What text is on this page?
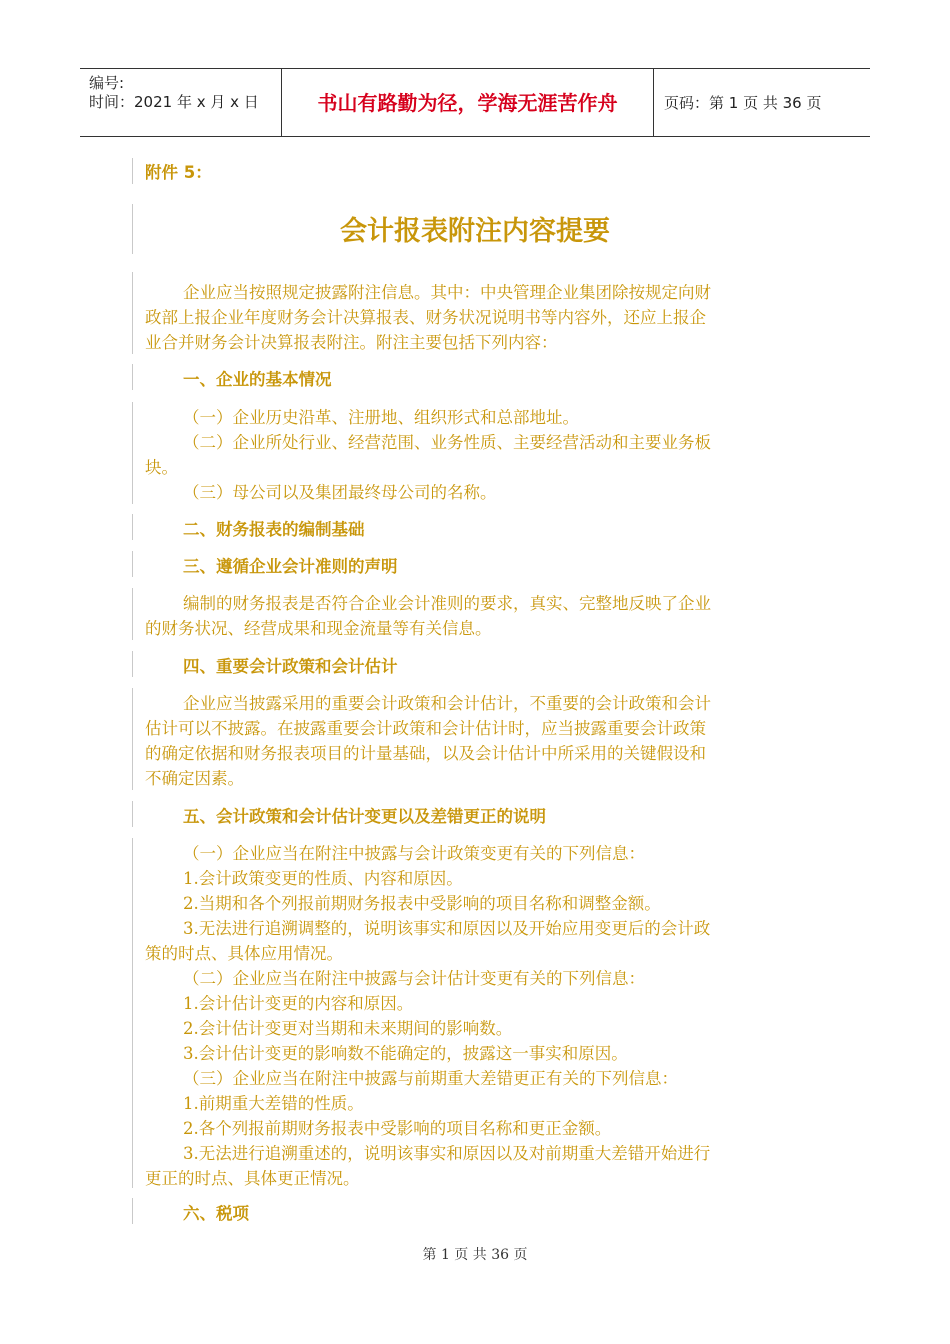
编号:
时间：2021 年 x 月 x 日	书山有路勤为径，学海无涯苦作舟	页码：第 1 页 共 36 页
附件 5：
会计报表附注内容提要
企业应当按照规定披露附注信息。其中：中央管理企业集团除按规定向财
政部上报企业年度财务会计决算报表、财务状况说明书等内容外，还应上报企
业合并财务会计决算报表附注。附注主要包括下列内容：
一、企业的基本情况
（一）企业历史沿革、注册地、组织形式和总部地址。
（二）企业所处行业、经营范围、业务性质、主要经营活动和主要业务板
块。
（三）母公司以及集团最终母公司的名称。
二、财务报表的编制基础
三、遵循企业会计准则的声明
编制的财务报表是否符合企业会计准则的要求，真实、完整地反映了企业
的财务状况、经营成果和现金流量等有关信息。
四、重要会计政策和会计估计
企业应当披露采用的重要会计政策和会计估计，不重要的会计政策和会计
估计可以不披露。在披露重要会计政策和会计估计时，应当披露重要会计政策
的确定依据和财务报表项目的计量基础，以及会计估计中所采用的关键假设和
不确定因素。
五、会计政策和会计估计变更以及差错更正的说明
（一）企业应当在附注中披露与会计政策变更有关的下列信息：
1.会计政策变更的性质、内容和原因。
2.当期和各个列报前期财务报表中受影响的项目名称和调整金额。
3.无法进行追溯调整的，说明该事实和原因以及开始应用变更后的会计政
策的时点、具体应用情况。
（二）企业应当在附注中披露与会计估计变更有关的下列信息：
1.会计估计变更的内容和原因。
2.会计估计变更对当期和未来期间的影响数。
3.会计估计变更的影响数不能确定的，披露这一事实和原因。
（三）企业应当在附注中披露与前期重大差错更正有关的下列信息：
1.前期重大差错的性质。
2.各个列报前期财务报表中受影响的项目名称和更正金额。
3.无法进行追溯重述的，说明该事实和原因以及对前期重大差错开始进行
更正的时点、具体更正情况。
六、税项
第 1 页 共 36 页
